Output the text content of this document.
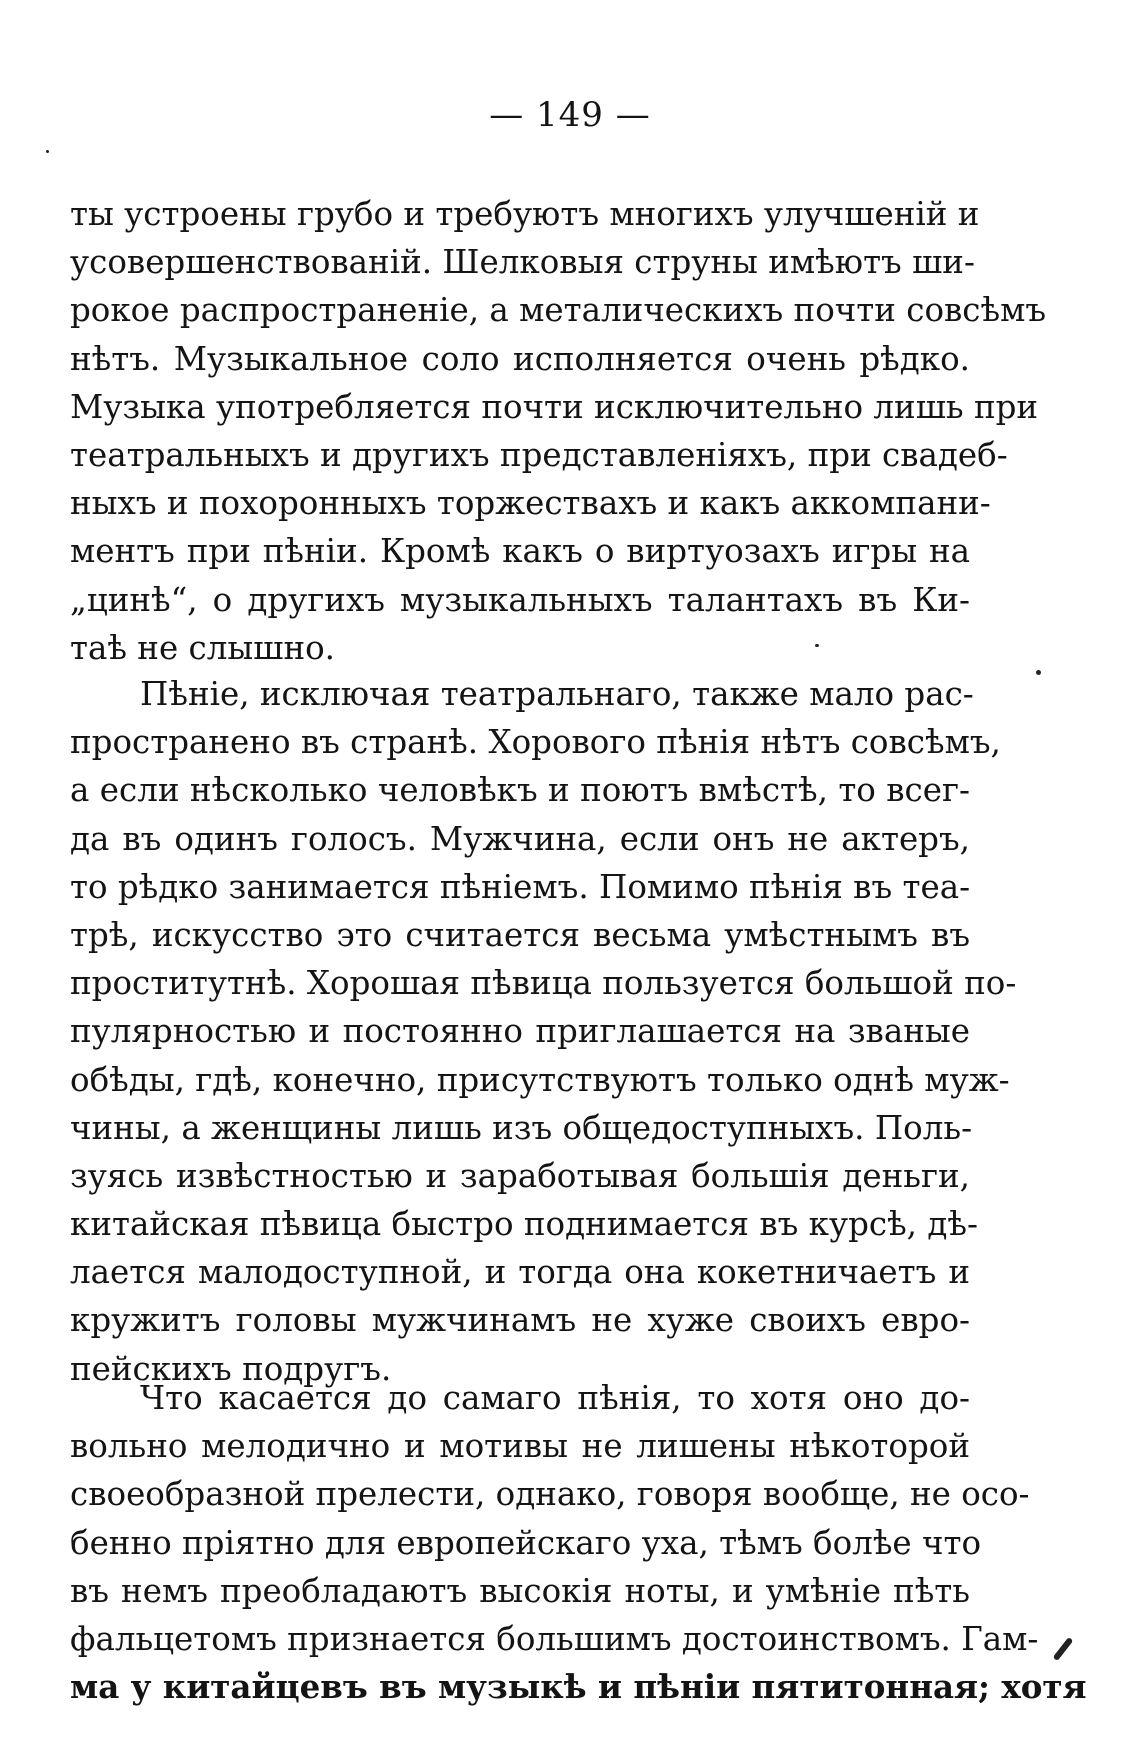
— 149 —
ты устроены грубо и требуютъ многихъ улучшеній и
усовершенствованій. Шелковыя струны имѣютъ ши-
рокое распространеніе, а металическихъ почти совсѣмъ
нѣтъ. Музыкальное соло исполняется очень рѣдко.
Музыка употребляется почти исключительно лишь при
театральныхъ и другихъ представленіяхъ, при свадеб-
ныхъ и похоронныхъ торжествахъ и какъ аккомпани-
ментъ при пѣніи. Кромѣ какъ о виртуозахъ игры на
„цинѣ“, о другихъ музыкальныхъ талантахъ въ Ки-
таѣ не слышно.
Пѣніе, исключая театральнаго, также мало рас-
пространено въ странѣ. Хорового пѣнія нѣтъ совсѣмъ,
а если нѣсколько человѣкъ и поютъ вмѣстѣ, то всег-
да въ одинъ голосъ. Мужчина, если онъ не актеръ,
то рѣдко занимается пѣніемъ. Помимо пѣнія въ теа-
трѣ, искусство это считается весьма умѣстнымъ въ
проститутнѣ. Хорошая пѣвица пользуется большой по-
пулярностью и постоянно приглашается на званые
обѣды, гдѣ, конечно, присутствуютъ только однѣ муж-
чины, а женщины лишь изъ общедоступныхъ. Поль-
зуясь извѣстностью и заработывая большія деньги,
китайская пѣвица быстро поднимается въ курсѣ, дѣ-
лается малодоступной, и тогда она кокетничаетъ и
кружитъ головы мужчинамъ не хуже своихъ евро-
пейскихъ подругъ.
Что касается до самаго пѣнія, то хотя оно до-
вольно мелодично и мотивы не лишены нѣкоторой
своеобразной прелести, однако, говоря вообще, не осо-
бенно пріятно для европейскаго уха, тѣмъ болѣе что
въ немъ преобладаютъ высокія ноты, и умѣніе пѣть
фальцетомъ признается большимъ достоинствомъ. Гам-
ма у китайцевъ въ музыкѣ и пѣніи пятитонная; хотя
